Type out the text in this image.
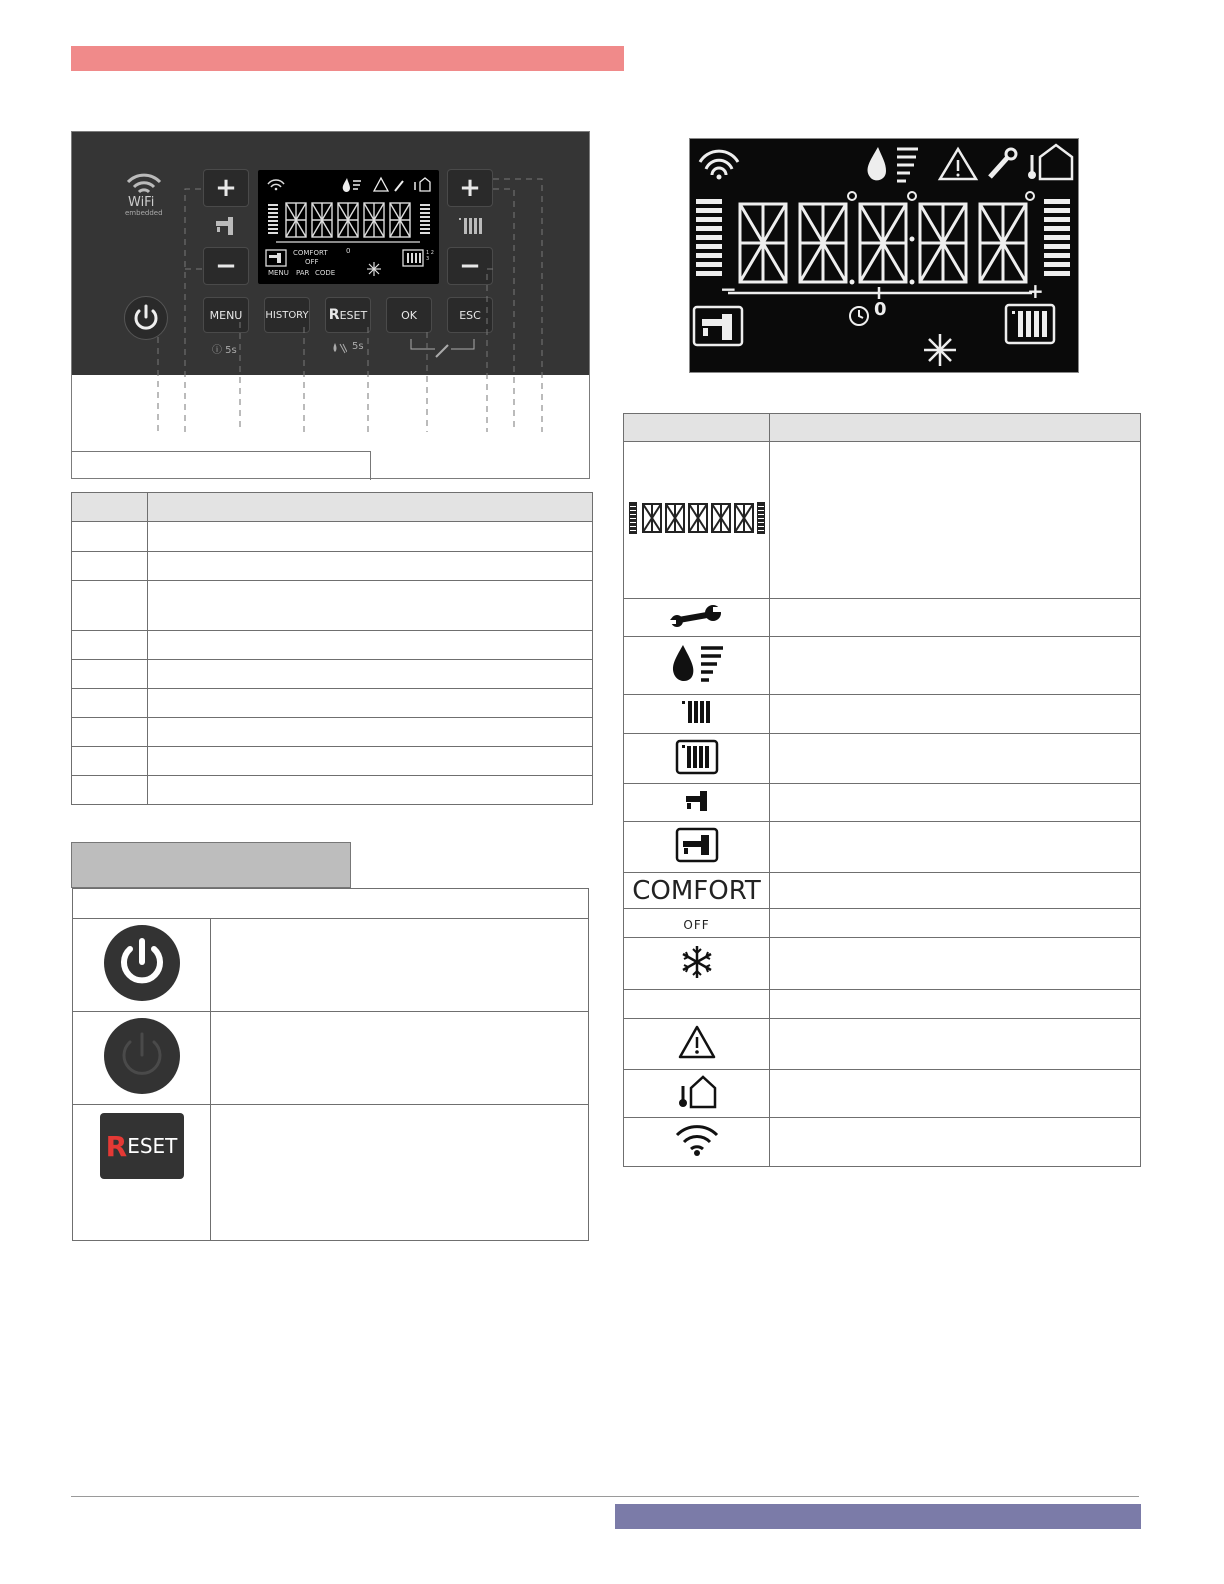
WiFi
embedded
+
−
+
−
COMFORT
OFF
0
MENU PAR CODE
1 2 3
MENU	HISTORY R ESET	OK	ESC
ⓘ 5s	5s
−	+
0

R ESET	

COMFORT	
OFF	
